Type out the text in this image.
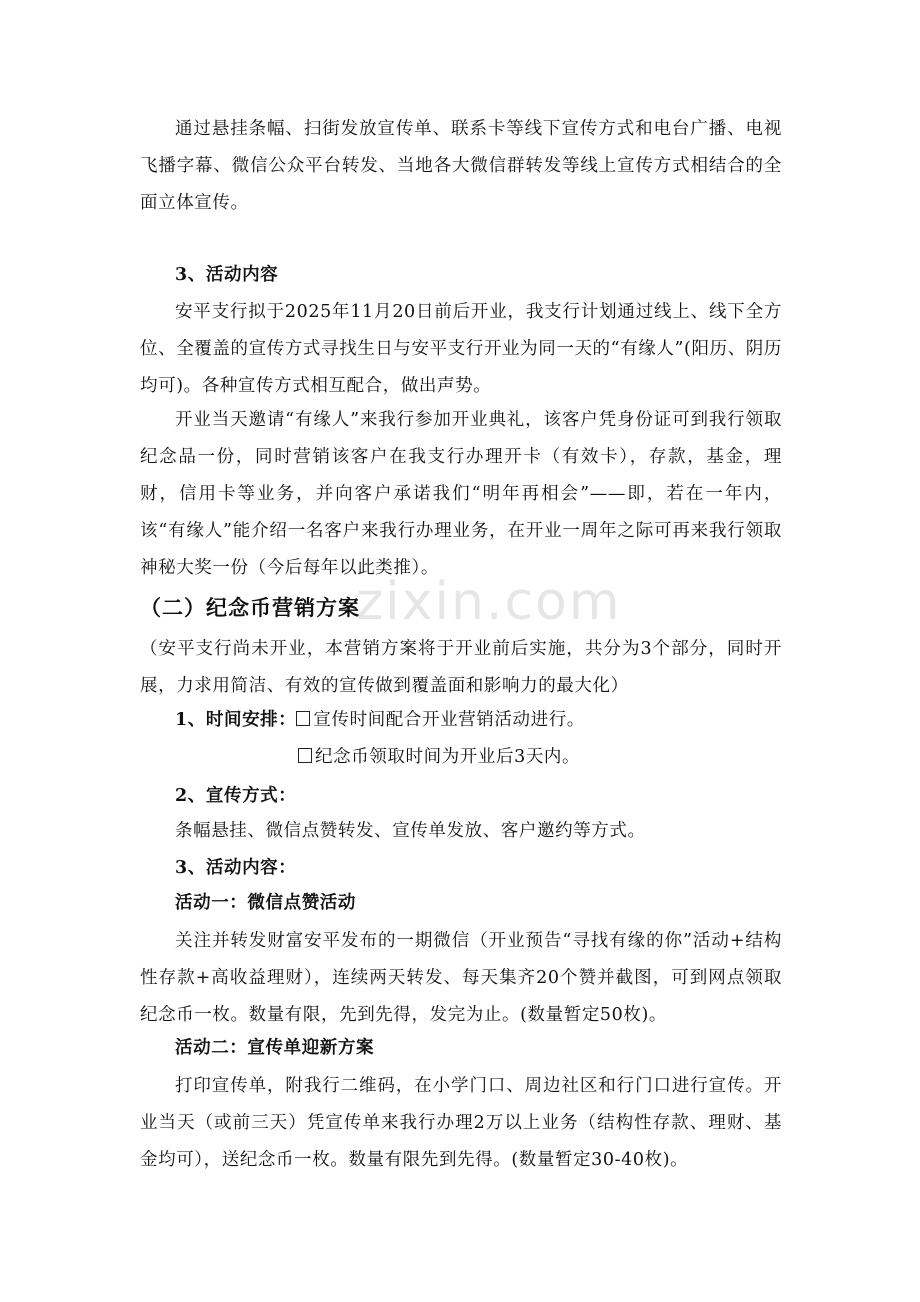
zixin.com
通过悬挂条幅、扫街发放宣传单、联系卡等线下宣传方式和电台广播、电视飞播字幕、微信公众平台转发、当地各大微信群转发等线上宣传方式相结合的全面立体宣传。
3、活动内容
安平支行拟于2025年11月20日前后开业，我支行计划通过线上、线下全方位、全覆盖的宣传方式寻找生日与安平支行开业为同一天的“有缘人”(阳历、阴历均可)。各种宣传方式相互配合，做出声势。
开业当天邀请“有缘人”来我行参加开业典礼，该客户凭身份证可到我行领取纪念品一份，同时营销该客户在我支行办理开卡（有效卡），存款，基金，理财，信用卡等业务，并向客户承诺我们“明年再相会”——即，若在一年内，该“有缘人”能介绍一名客户来我行办理业务，在开业一周年之际可再来我行领取神秘大奖一份（今后每年以此类推）。
（二）纪念币营销方案
（安平支行尚未开业，本营销方案将于开业前后实施，共分为3个部分，同时开展，力求用简洁、有效的宣传做到覆盖面和影响力的最大化）
1、时间安排： 宣传时间配合开业营销活动进行。
纪念币领取时间为开业后3天内。
2、宣传方式：
条幅悬挂、微信点赞转发、宣传单发放、客户邀约等方式。
3、活动内容：
活动一：微信点赞活动
关注并转发财富安平发布的一期微信（开业预告“寻找有缘的你”活动+结构性存款+高收益理财），连续两天转发、每天集齐20个赞并截图，可到网点领取纪念币一枚。数量有限，先到先得，发完为止。(数量暂定50枚)。
活动二：宣传单迎新方案
打印宣传单，附我行二维码，在小学门口、周边社区和行门口进行宣传。开业当天（或前三天）凭宣传单来我行办理2万以上业务（结构性存款、理财、基金均可），送纪念币一枚。数量有限先到先得。(数量暂定30-40枚)。
